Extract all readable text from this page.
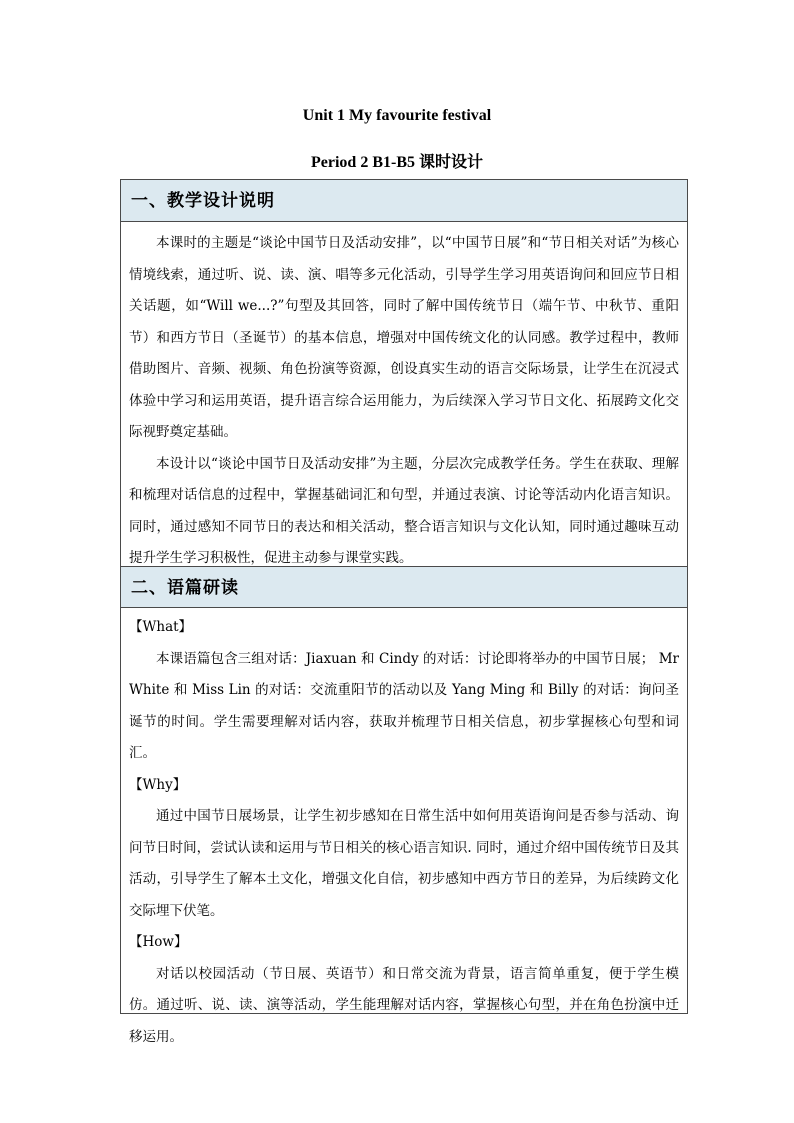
Unit 1 My favourite festival
Period 2 B1-B5 课时设计
一、教学设计说明

本课时的主题是“谈论中国节日及活动安排”，以“中国节日展”和“节日相关对话”为核心情境线索，通过听、说、读、演、唱等多元化活动，引导学生学习用英语询问和回应节日相关话题，如“Will we...?”句型及其回答，同时了解中国传统节日（端午节、中秋节、重阳节）和西方节日（圣诞节）的基本信息，增强对中国传统文化的认同感。教学过程中，教师借助图片、音频、视频、角色扮演等资源，创设真实生动的语言交际场景，让学生在沉浸式体验中学习和运用英语，提升语言综合运用能力，为后续深入学习节日文化、拓展跨文化交际视野奠定基础。

本设计以“谈论中国节日及活动安排”为主题，分层次完成教学任务。学生在获取、理解和梳理对话信息的过程中，掌握基础词汇和句型，并通过表演、讨论等活动内化语言知识。同时，通过感知不同节日的表达和相关活动，整合语言知识与文化认知，同时通过趣味互动提升学生学习积极性，促进主动参与课堂实践。

二、语篇研读

【What】

本课语篇包含三组对话：Jiaxuan 和 Cindy 的对话：讨论即将举办的中国节日展； Mr White 和 Miss Lin 的对话：交流重阳节的活动以及 Yang Ming 和 Billy 的对话：询问圣诞节的时间。学生需要理解对话内容，获取并梳理节日相关信息，初步掌握核心句型和词汇。

【Why】

通过中国节日展场景，让学生初步感知在日常生活中如何用英语询问是否参与活动、询问节日时间，尝试认读和运用与节日相关的核心语言知识. 同时，通过介绍中国传统节日及其活动，引导学生了解本土文化，增强文化自信，初步感知中西方节日的差异，为后续跨文化交际埋下伏笔。

【How】

对话以校园活动（节日展、英语节）和日常交流为背景，语言简单重复，便于学生模仿。通过听、说、读、演等活动，学生能理解对话内容，掌握核心句型，并在角色扮演中迁移运用。
